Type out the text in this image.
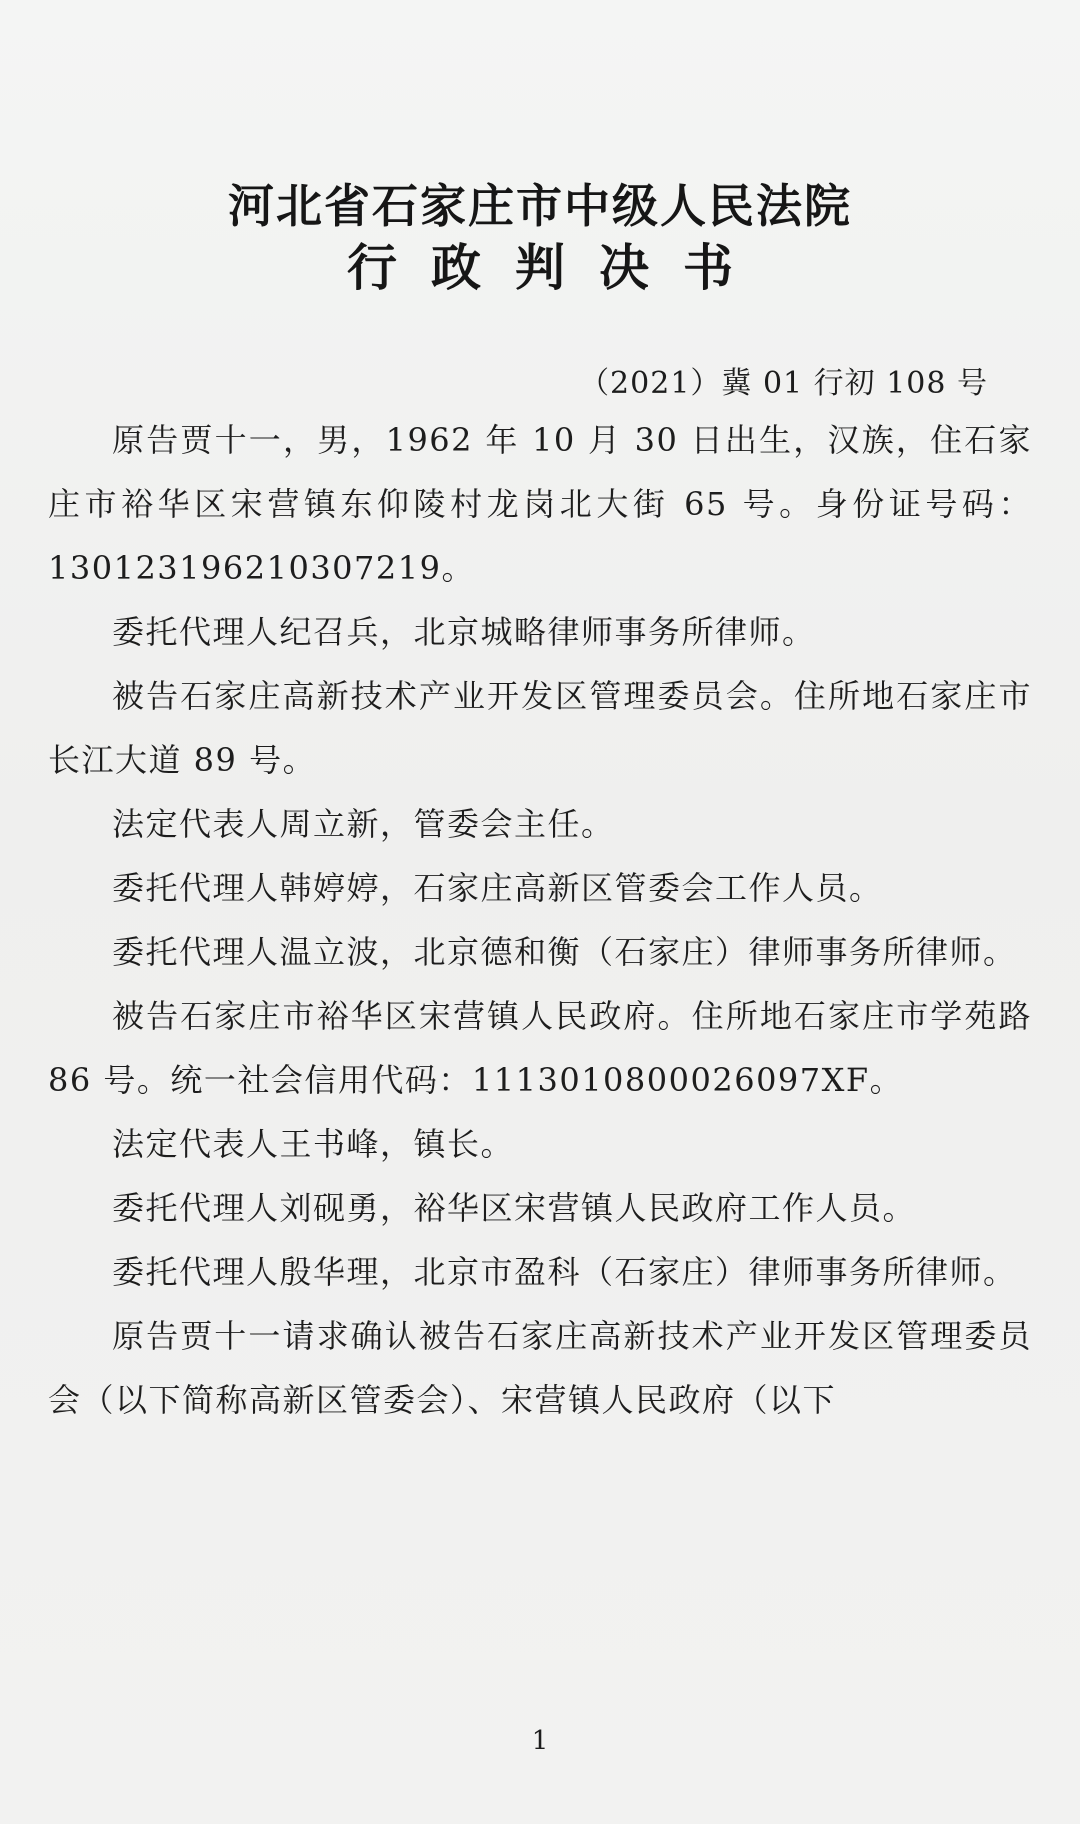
河北省石家庄市中级人民法院
行政判决书
（2021）冀 01 行初 108 号

原告贾十一，男，1962 年 10 月 30 日出生，汉族，住石家庄市裕华区宋营镇东仰陵村龙岗北大街 65 号。身份证号码：130123196210307219。

委托代理人纪召兵，北京城略律师事务所律师。

被告石家庄高新技术产业开发区管理委员会。住所地石家庄市长江大道 89 号。

法定代表人周立新，管委会主任。

委托代理人韩婷婷，石家庄高新区管委会工作人员。

委托代理人温立波，北京德和衡（石家庄）律师事务所律师。

被告石家庄市裕华区宋营镇人民政府。住所地石家庄市学苑路 86 号。统一社会信用代码：111301080002609​7XF。

法定代表人王书峰，镇长。

委托代理人刘砚勇，裕华区宋营镇人民政府工作人员。

委托代理人殷华理，北京市盈科（石家庄）律师事务所律师。

原告贾十一请求确认被告石家庄高新技术产业开发区管理委员会（以下简称高新区管委会）、宋营镇人民政府（以下

1
